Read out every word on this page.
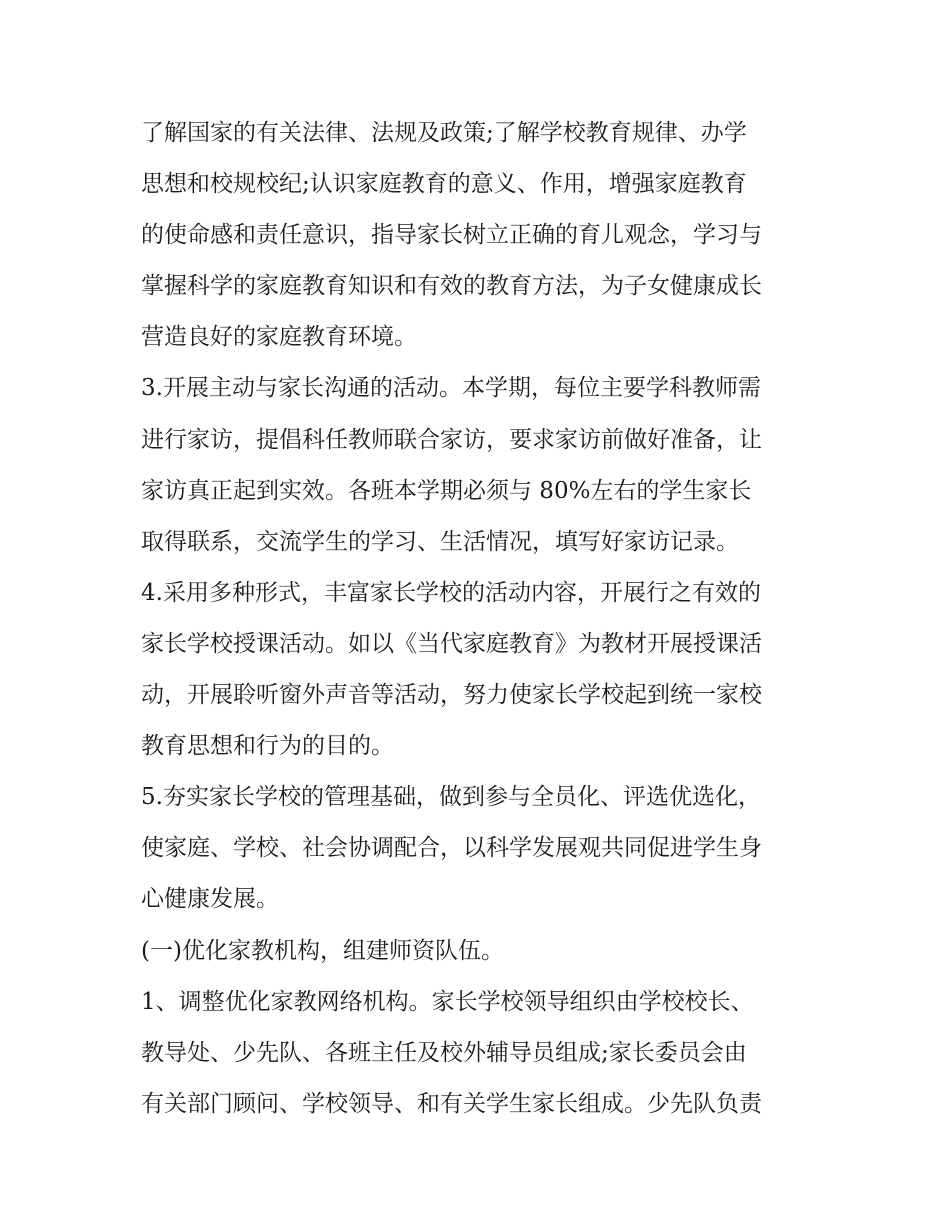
了解国家的有关法律、法规及政策;了解学校教育规律、办学
思想和校规校纪;认识家庭教育的意义、作用，增强家庭教育
的使命感和责任意识，指导家长树立正确的育儿观念，学习与
掌握科学的家庭教育知识和有效的教育方法，为子女健康成长
营造良好的家庭教育环境。
3.开展主动与家长沟通的活动。本学期，每位主要学科教师需
进行家访，提倡科任教师联合家访，要求家访前做好准备，让
家访真正起到实效。各班本学期必须与 80%左右的学生家长
取得联系，交流学生的学习、生活情况，填写好家访记录。
4.采用多种形式，丰富家长学校的活动内容，开展行之有效的
家长学校授课活动。如以《当代家庭教育》为教材开展授课活
动，开展聆听窗外声音等活动，努力使家长学校起到统一家校
教育思想和行为的目的。
5.夯实家长学校的管理基础，做到参与全员化、评选优选化，
使家庭、学校、社会协调配合，以科学发展观共同促进学生身
心健康发展。
(一)优化家教机构，组建师资队伍。
1、调整优化家教网络机构。家长学校领导组织由学校校长、
教导处、少先队、各班主任及校外辅导员组成;家长委员会由
有关部门顾问、学校领导、和有关学生家长组成。少先队负责
